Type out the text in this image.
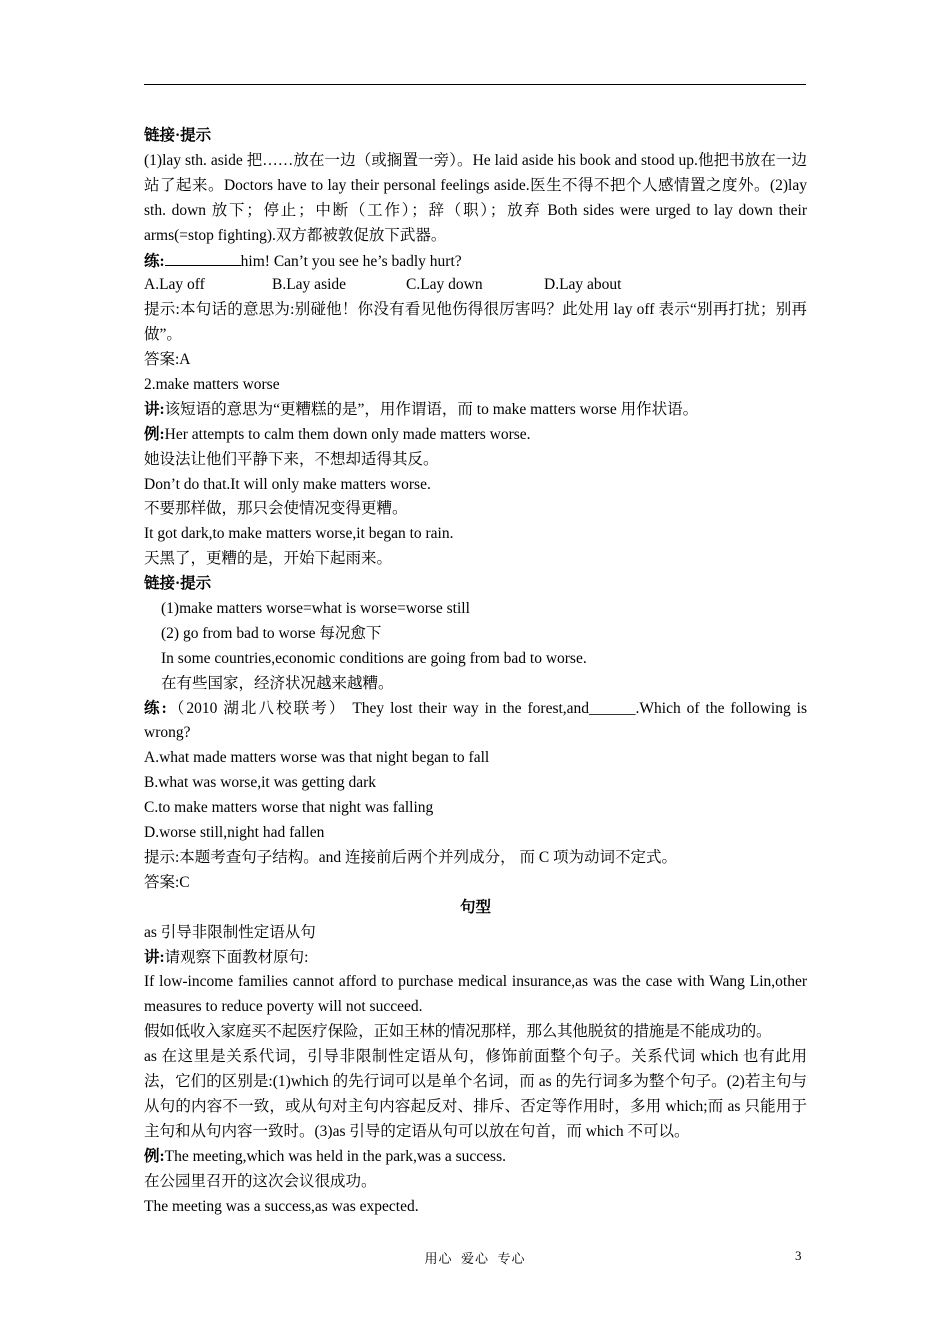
链接·提示
(1)lay sth. aside 把……放在一边（或搁置一旁）。He laid aside his book and stood up.他把书放在一边站了起来。Doctors have to lay their personal feelings aside.医生不得不把个人感情置之度外。(2)lay sth. down 放下；停止；中断（工作）；辞（职）；放弃 Both sides were urged to lay down their arms(=stop fighting).双方都被敦促放下武器。
练:	him! Can’t you see he’s badly hurt?
A.Lay off	B.Lay aside	C.Lay down	D.Lay about
提示:本句话的意思为:别碰他！你没有看见他伤得很厉害吗？此处用 lay off 表示“别再打扰；别再做”。
答案:A
2.make matters worse
讲:该短语的意思为“更糟糕的是”，用作谓语，而 to make matters worse 用作状语。
例:Her attempts to calm them down only made matters worse.
她设法让他们平静下来，不想却适得其反。
Don’t do that.It will only make matters worse.
不要那样做，那只会使情况变得更糟。
It got dark,to make matters worse,it began to rain.
天黑了，更糟的是，开始下起雨来。
链接·提示
(1)make matters worse=what is worse=worse still
(2) go from bad to worse 每况愈下
In some countries,economic conditions are going from bad to worse.
在有些国家，经济状况越来越糟。
练:（2010 湖北八校联考） They lost their way in the forest,and______.Which of the following is wrong?
A.what made matters worse was that night began to fall
B.what was worse,it was getting dark
C.to make matters worse that night was falling
D.worse still,night had fallen
提示:本题考查句子结构。and 连接前后两个并列成分， 而 C 项为动词不定式。
答案:C
句型
as 引导非限制性定语从句
讲:请观察下面教材原句:
If low-income families cannot afford to purchase medical insurance,as was the case with Wang Lin,other measures to reduce poverty will not succeed.
假如低收入家庭买不起医疗保险，正如王林的情况那样，那么其他脱贫的措施是不能成功的。
as 在这里是关系代词，引导非限制性定语从句，修饰前面整个句子。关系代词 which 也有此用法，它们的区别是:(1)which 的先行词可以是单个名词，而 as 的先行词多为整个句子。(2)若主句与从句的内容不一致，或从句对主句内容起反对、排斥、否定等作用时，多用 which;而 as 只能用于主句和从句内容一致时。(3)as 引导的定语从句可以放在句首，而 which 不可以。
例:The meeting,which was held in the park,was a success.
在公园里召开的这次会议很成功。
The meeting was a success,as was expected.
用心  爱心  专心	3
